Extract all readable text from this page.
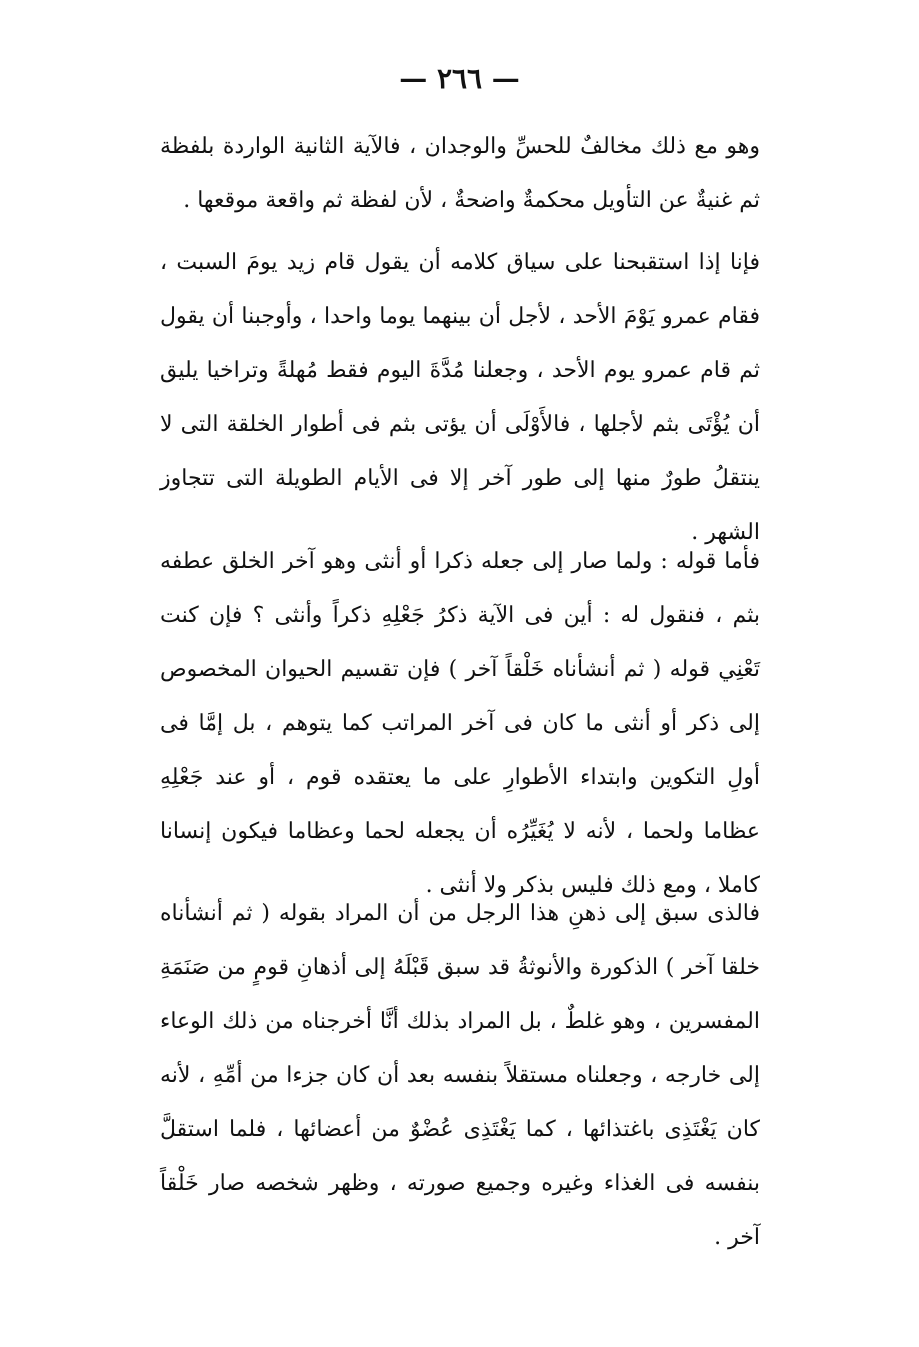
— ٢٦٦ —

وهو مع ذلك مخالفٌ للحسِّ والوجدان ، فالآية الثانية الواردة بلفظة ثم غنيةٌ عن التأويل محكمةٌ واضحةٌ ، لأن لفظة ثم واقعة موقعها .

فإنا إذا استقبحنا على سياق كلامه أن يقول قام زيد يومَ السبت ، فقام عمرو يَوْمَ الأحد ، لأجل أن بينهما يوما واحدا ، وأوجبنا أن يقول ثم قام عمرو يوم الأحد ، وجعلنا مُدَّةَ اليوم فقط مُهلةً وتراخيا يليق أن يُؤْتَى بثم لأجلها ، فالأَوْلَى أن يؤتى بثم فى أطوار الخلقة التى لا ينتقلُ طورٌ منها إلى طور آخر إلا فى الأيام الطويلة التى تتجاوز الشهر .

فأما قوله : ولما صار إلى جعله ذكرا أو أنثى وهو آخر الخلق عطفه بثم ، فنقول له : أين فى الآية ذكرُ جَعْلِهِ ذكراً وأنثى ؟ فإن كنت تَعْنِي قوله ( ثم أنشأناه خَلْقاً آخر ) فإن تقسيم الحيوان المخصوص إلى ذكر أو أنثى ما كان فى آخر المراتب كما يتوهم ، بل إمَّا فى أولِ التكوين وابتداء الأطوارِ على ما يعتقده قوم ، أو عند جَعْلِهِ عظاما ولحما ، لأنه لا يُغَيِّرُه أن يجعله لحما وعظاما فيكون إنسانا كاملا ، ومع ذلك فليس بذكر ولا أنثى .

فالذى سبق إلى ذهنِ هذا الرجل من أن المراد بقوله ( ثم أنشأناه خلقا آخر ) الذكورة والأنوثةُ قد سبق قَبْلَهُ إلى أذهانِ قومٍ من صَنَمَةِ المفسرين ، وهو غلطٌ ، بل المراد بذلك أنَّا أخرجناه من ذلك الوعاء إلى خارجه ، وجعلناه مستقلاً بنفسه بعد أن كان جزءا من أمِّهِ ، لأنه كان يَغْتَذِى باغتذائها ، كما يَغْتَذِى عُضْوٌ من أعضائها ، فلما استقلَّ بنفسه فى الغذاء وغيره وجميع صورته ، وظهر شخصه صار خَلْقاً آخر .
